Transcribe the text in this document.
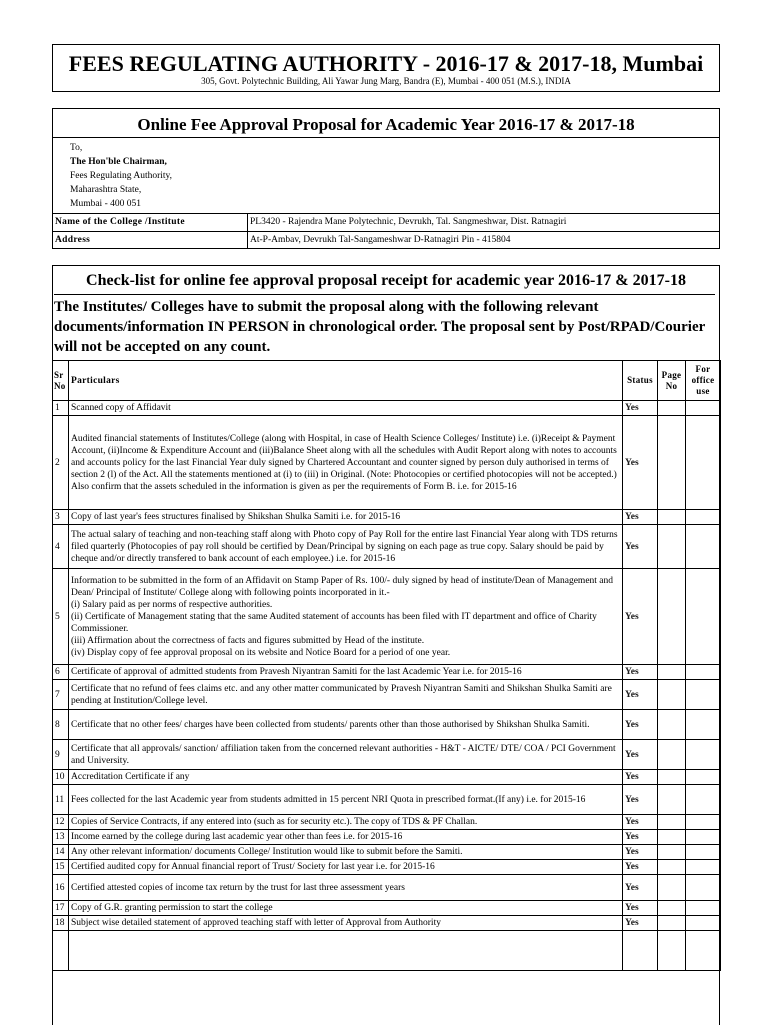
FEES REGULATING AUTHORITY - 2016-17 & 2017-18, Mumbai
305, Govt. Polytechnic Building, Ali Yawar Jung Marg, Bandra (E), Mumbai - 400 051 (M.S.), INDIA
Online Fee Approval Proposal for Academic Year 2016-17 & 2017-18
To,
The Hon'ble Chairman,
Fees Regulating Authority,
Maharashtra State,
Mumbai - 400 051
Name of the College /Institute	PL3420 - Rajendra Mane Polytechnic, Devrukh, Tal. Sangmeshwar, Dist. Ratnagiri
Address	At-P-Ambav, Devrukh Tal-Sangameshwar D-Ratnagiri Pin - 415804
Check-list for online fee approval proposal receipt for academic year 2016-17 & 2017-18
The Institutes/ Colleges have to submit the proposal along with the following relevant documents/information IN PERSON in chronological order. The proposal sent by Post/RPAD/Courier will not be accepted on any count.
Sr No	Particulars	Status	Page No	For office use
1	Scanned copy of Affidavit	Yes		
2	Audited financial statements of Institutes/College (along with Hospital, in case of Health Science Colleges/ Institute) i.e. (i)Receipt & Payment Account, (ii)Income & Expenditure Account and (iii)Balance Sheet along with all the schedules with Audit Report along with notes to accounts and accounts policy for the last Financial Year duly signed by Chartered Accountant and counter signed by person duly authorised in terms of section 2 (l) of the Act. All the statements mentioned at (i) to (iii) in Original. (Note: Photocopies or certified photocopies will not be accepted.) Also confirm that the assets scheduled in the information is given as per the requirements of Form B. i.e. for 2015-16	Yes		
3	Copy of last year's fees structures finalised by Shikshan Shulka Samiti i.e. for 2015-16	Yes		
4	The actual salary of teaching and non-teaching staff along with Photo copy of Pay Roll for the entire last Financial Year along with TDS returns filed quarterly (Photocopies of pay roll should be certified by Dean/Principal by signing on each page as true copy. Salary should be paid by cheque and/or directly transfered to bank account of each employee.) i.e. for 2015-16	Yes		
5	Information to be submitted in the form of an Affidavit on Stamp Paper of Rs. 100/- duly signed by head of institute/Dean of Management and Dean/ Principal of Institute/ College along with following points incorporated in it.-
(i) Salary paid as per norms of respective authorities.
(ii) Certificate of Management stating that the same Audited statement of accounts has been filed with IT department and office of Charity Commissioner.
(iii) Affirmation about the correctness of facts and figures submitted by Head of the institute.
(iv) Display copy of fee approval proposal on its website and Notice Board for a period of one year.	Yes		
6	Certificate of approval of admitted students from Pravesh Niyantran Samiti for the last Academic Year i.e. for 2015-16	Yes		
7	Certificate that no refund of fees claims etc. and any other matter communicated by Pravesh Niyantran Samiti and Shikshan Shulka Samiti are pending at Institution/College level.	Yes		
8	Certificate that no other fees/ charges have been collected from students/ parents other than those authorised by Shikshan Shulka Samiti.	Yes		
9	Certificate that all approvals/ sanction/ affiliation taken from the concerned relevant authorities - H&T - AICTE/ DTE/ COA / PCI Government and University.	Yes		
10	Accreditation Certificate if any	Yes		
11	Fees collected for the last Academic year from students admitted in 15 percent NRI Quota in prescribed format.(If any) i.e. for 2015-16	Yes		
12	Copies of Service Contracts, if any entered into (such as for security etc.). The copy of TDS & PF Challan.	Yes		
13	Income earned by the college during last academic year other than fees i.e. for 2015-16	Yes		
14	Any other relevant information/ documents College/ Institution would like to submit before the Samiti.	Yes		
15	Certified audited copy for Annual financial report of Trust/ Society for last year i.e. for 2015-16	Yes		
16	Certified attested copies of income tax return by the trust for last three assessment years	Yes		
17	Copy of G.R. granting permission to start the college	Yes		
18	Subject wise detailed statement of approved teaching staff with letter of Approval from Authority	Yes		
